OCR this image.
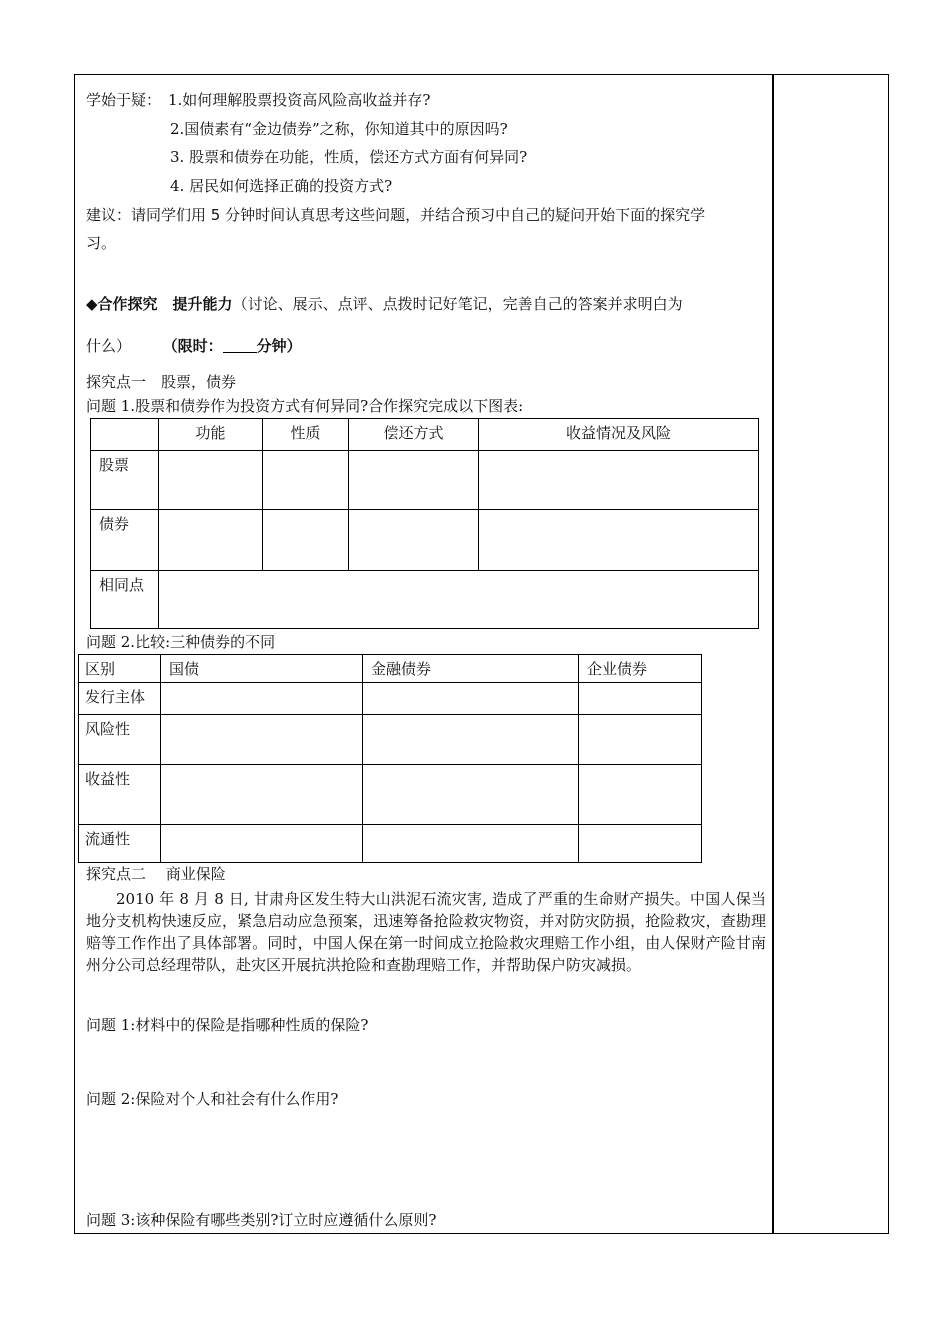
学始于疑： 1.如何理解股票投资高风险高收益并存?
2.国债素有“金边债券”之称，你知道其中的原因吗?
3. 股票和债券在功能，性质，偿还方式方面有何异同?
4. 居民如何选择正确的投资方式?
建议：请同学们用 5 分钟时间认真思考这些问题，并结合预习中自己的疑问开始下面的探究学
习。
◆合作探究　提升能力（讨论、展示、点评、点拨时记好笔记，完善自己的答案并求明白为
什么） （限时： 分钟）
探究点一　股票，债券
问题 1.股票和债券作为投资方式有何异同?合作探究完成以下图表:
	功能	性质	偿还方式	收益情况及风险
股票				
债券				
相同点				
问题 2.比较:三种债券的不同
区别	国债	金融债券	企业债券
发行主体			
风险性			
收益性			
流通性			
探究点二　 商业保险
2010 年 8 月 8 日, 甘肃舟区发生特大山洪泥石流灾害, 造成了严重的生命财产损失。中国人保当地分支机构快速反应，紧急启动应急预案，迅速筹备抢险救灾物资，并对防灾防损，抢险救灾，查勘理赔等工作作出了具体部署。同时，中国人保在第一时间成立抢险救灾理赔工作小组，由人保财产险甘南州分公司总经理带队，赴灾区开展抗洪抢险和查勘理赔工作，并帮助保户防灾减损。
问题 1:材料中的保险是指哪种性质的保险?
问题 2:保险对个人和社会有什么作用?
问题 3:该种保险有哪些类别?订立时应遵循什么原则?
